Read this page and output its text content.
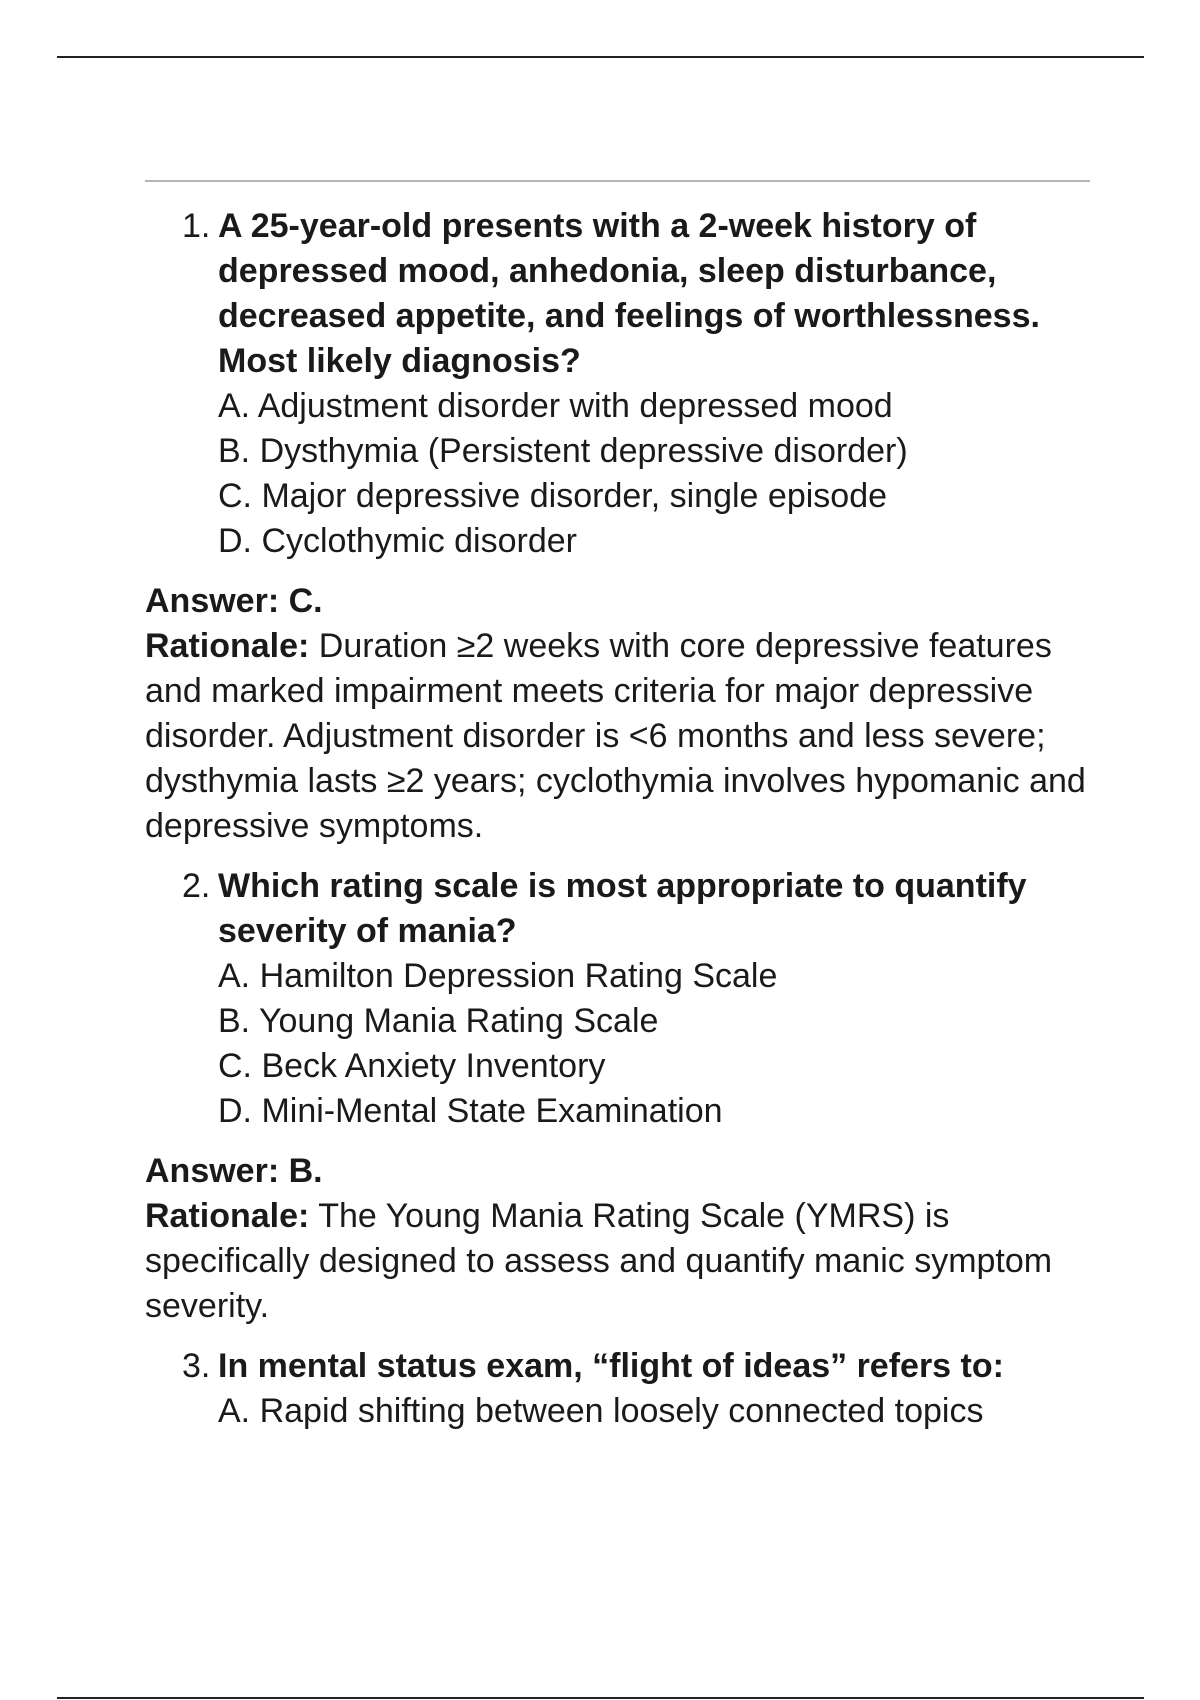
1. A 25-year-old presents with a 2-week history of depressed mood, anhedonia, sleep disturbance, decreased appetite, and feelings of worthlessness. Most likely diagnosis?
A. Adjustment disorder with depressed mood
B. Dysthymia (Persistent depressive disorder)
C. Major depressive disorder, single episode
D. Cyclothymic disorder
Answer: C.
Rationale: Duration ≥2 weeks with core depressive features and marked impairment meets criteria for major depressive disorder. Adjustment disorder is <6 months and less severe; dysthymia lasts ≥2 years; cyclothymia involves hypomanic and depressive symptoms.
2. Which rating scale is most appropriate to quantify severity of mania?
A. Hamilton Depression Rating Scale
B. Young Mania Rating Scale
C. Beck Anxiety Inventory
D. Mini-Mental State Examination
Answer: B.
Rationale: The Young Mania Rating Scale (YMRS) is specifically designed to assess and quantify manic symptom severity.
3. In mental status exam, “flight of ideas” refers to:
A. Rapid shifting between loosely connected topics
